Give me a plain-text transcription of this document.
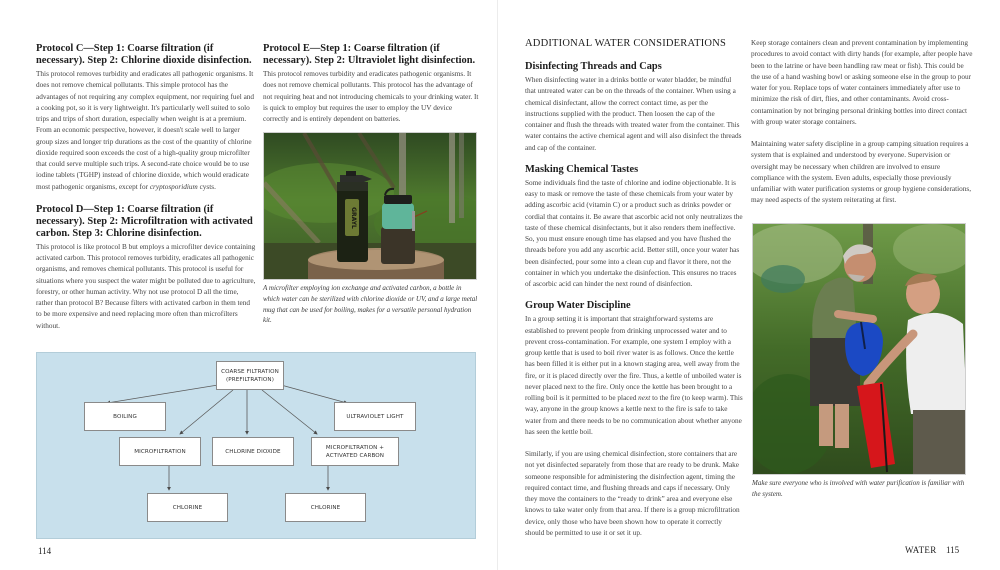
Protocol C—Step 1: Coarse filtration (if necessary). Step 2: Chlorine dioxide disinfection.

This protocol removes turbidity and eradicates all pathogenic organisms. It does not remove chemical pollutants. This simple protocol has the advantages of not requiring any complex equipment, nor requiring fuel and a cooking pot, so it is very lightweight. It's particularly well suited to solo trips and trips of short duration, especially when weight is at a premium. From an economic perspective, however, it doesn't scale well to larger group sizes and longer trip durations as the cost of the quantity of chlorine dioxide required soon exceeds the cost of a high-quality group microfilter that could serve multiple such trips. A second-rate choice would be to use iodine tablets (TGHP) instead of chlorine dioxide, which would eradicate most pathogenic organisms, except for cryptosporidium cysts.

Protocol D—Step 1: Coarse filtration (if necessary). Step 2: Microfiltration with activated carbon. Step 3: Chlorine disinfection.

This protocol is like protocol B but employs a microfilter device containing activated carbon. This protocol removes turbidity, eradicates all pathogenic organisms, and removes chemical pollutants. This protocol is useful for situations where you suspect the water might be polluted due to agriculture, forestry, or other human activity. Why not use protocol D all the time, rather than protocol B? Because filters with activated carbon in them tend to be more expensive and need replacing more often than microfilters without.

Protocol E—Step 1: Coarse filtration (if necessary). Step 2: Ultraviolet light disinfection.

This protocol removes turbidity and eradicates pathogenic organisms. It does not remove chemical pollutants. This protocol has the advantage of not requiring heat and not introducing chemicals to your drinking water. It is quick to employ but requires the user to employ the UV device correctly and is entirely dependent on batteries.

GRAYL

A microfilter employing ion exchange and activated carbon, a bottle in which water can be sterilized with chlorine dioxide or UV, and a large metal mug that can be used for boiling, makes for a versatile personal hydration kit.

COARSE FILTRATION
(PREFILTRATION)
BOILING	ULTRAVIOLET LIGHT
MICROFILTRATION	CHLORINE DIOXIDE
MICROFILTRATION +
ACTIVATED CARBON
CHLORINE	CHLORINE
114
ADDITIONAL WATER CONSIDERATIONS
Disinfecting Threads and Caps

When disinfecting water in a drinks bottle or water bladder, be mindful that untreated water can be on the threads of the container. When using a chemical disinfectant, allow the correct contact time, as per the instructions supplied with the product. Then loosen the cap of the container and flush the threads with treated water from the container. This water contains the active chemical agent and will also disinfect the threads and cap of the container.

Masking Chemical Tastes

Some individuals find the taste of chlorine and iodine objectionable. It is easy to mask or remove the taste of these chemicals from your water by adding ascorbic acid (vitamin C) or a product such as drinks powder or cordial that contains it. Be aware that ascorbic acid not only neutralizes the taste of these chemical disinfectants, but it also renders them ineffective. So, you must ensure enough time has elapsed and you have flushed the threads before you add any ascorbic acid. Better still, once your water has been disinfected, pour some into a clean cup and flavor it there, not the container in which you undertake the disinfection. This ensures no traces of ascorbic acid can hinder the next round of disinfection.

Group Water Discipline

In a group setting it is important that straightforward systems are established to prevent people from drinking unprocessed water and to prevent cross-contamination. For example, one system I employ with a group kettle that is used to boil river water is as follows. Once the kettle has been filled it is either put in a known staging area, well away from the fire, or it is placed directly over the fire. Thus, a kettle of unboiled water is never placed next to the fire. Only once the kettle has been brought to a rolling boil is it permitted to be placed next to the fire (to keep warm). This way, anyone in the group knows a kettle next to the fire is safe to take water from and there needs to be no communication about whether anyone has seen the kettle boil.

Similarly, if you are using chemical disinfection, store containers that are not yet disinfected separately from those that are ready to be drunk. Make someone responsible for administering the disinfection agent, timing the required contact time, and flushing threads and caps if necessary. Only they move the containers to the “ready to drink” area and everyone else knows to take water only from that area. If there is a group microfiltration device, only those who have been shown how to operate it correctly should be permitted to use it or set it up.

Keep storage containers clean and prevent contamination by implementing procedures to avoid contact with dirty hands (for example, after people have been to the latrine or have been handling raw meat or fish). This could be the use of a hand washing bowl or asking someone else in the group to pour water for you. Replace tops of water containers immediately after use to minimize the risk of dirt, flies, and other contaminants. Avoid cross-contamination by not bringing personal drinking bottles into direct contact with group water storage containers.

Maintaining water safety discipline in a group camping situation requires a system that is explained and understood by everyone. Supervision or oversight may be necessary when children are involved to ensure compliance with the system. Even adults, especially those previously unfamiliar with water purification systems or group hygiene considerations, may need aspects of the system reiterating at first.

Make sure everyone who is involved with water purification is familiar with the system.

WATER 115
